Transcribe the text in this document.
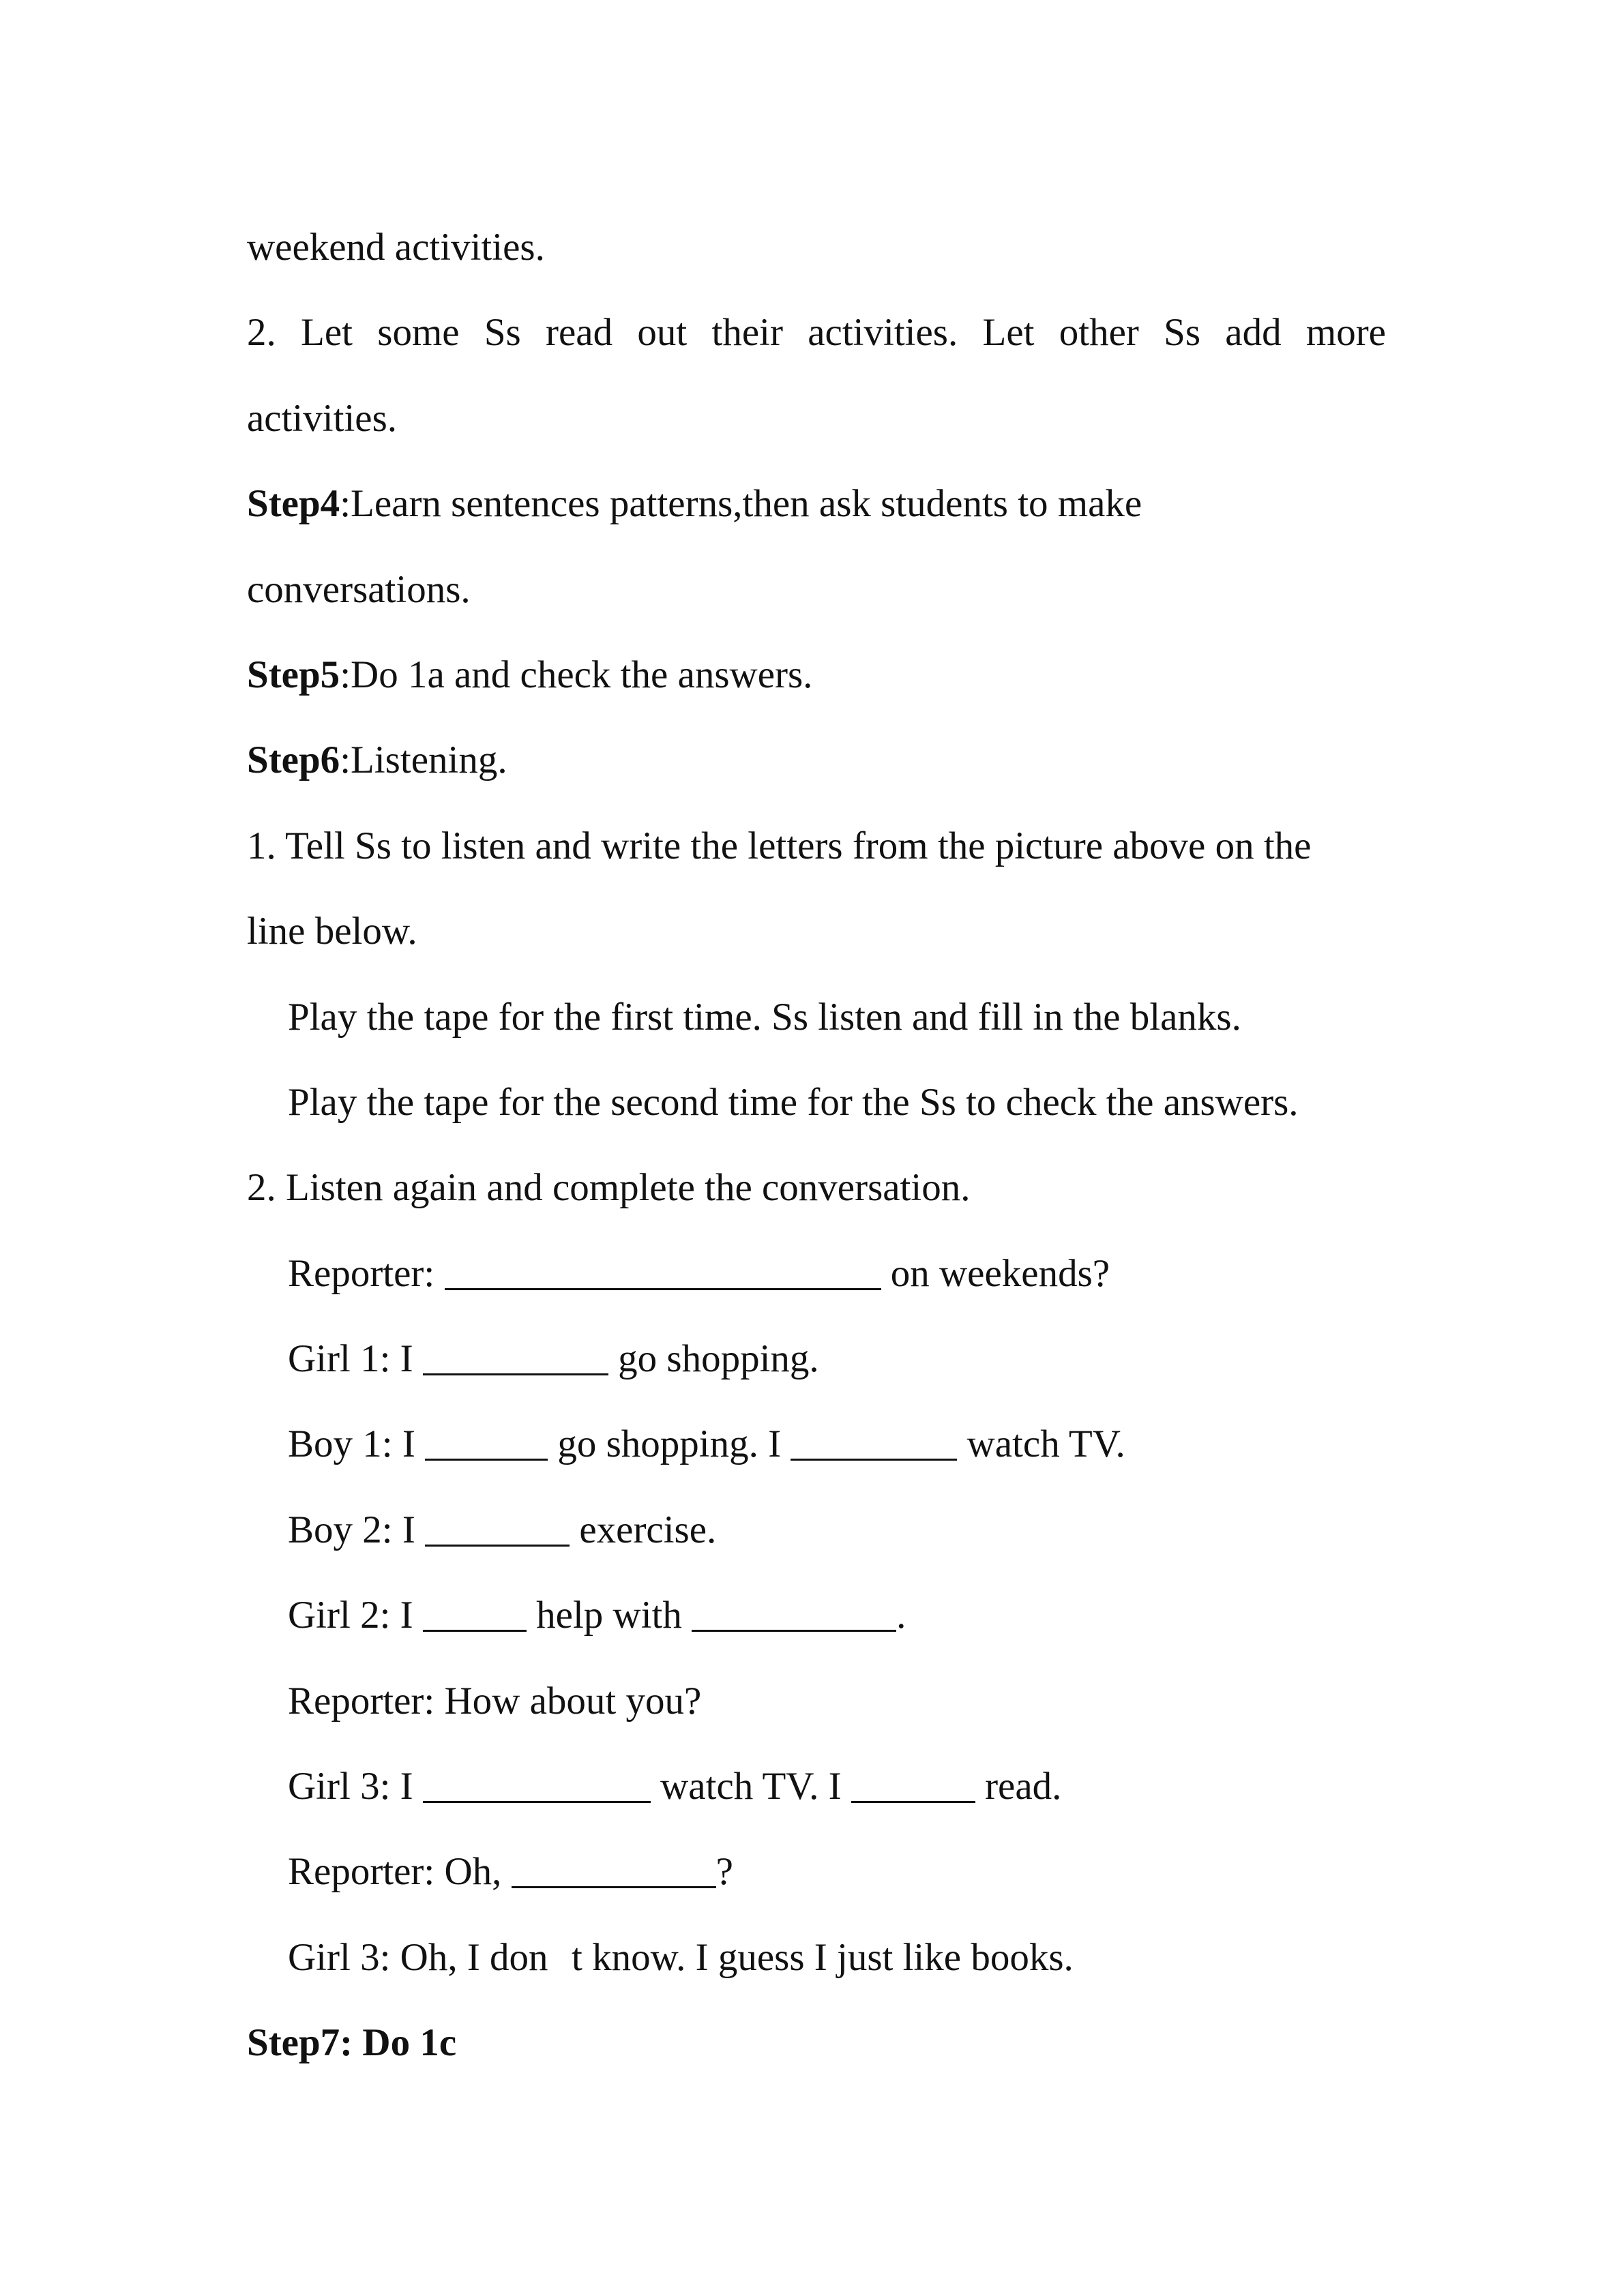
weekend activities.

2. Let some Ss read out their activities. Let other Ss add more

activities.

Step4:Learn sentences patterns,then ask students to make

conversations.

Step5:Do 1a and check the answers.

Step6:Listening.

1. Tell Ss to listen and write the letters from the picture above on the

line below.

Play the tape for the first time. Ss listen and fill in the blanks.

Play the tape for the second time for the Ss to check the answers.

2. Listen again and complete the conversation.

Reporter:	on weekends?

Girl 1: I	go shopping.

Boy 1: I	go shopping. I	watch TV.

Boy 2: I	exercise.

Girl 2: I	help with	.

Reporter: How about you?

Girl 3: I	watch TV. I	read.

Reporter: Oh,	?

Girl 3: Oh, I dont know. I guess I just like books.

Step7: Do 1c
